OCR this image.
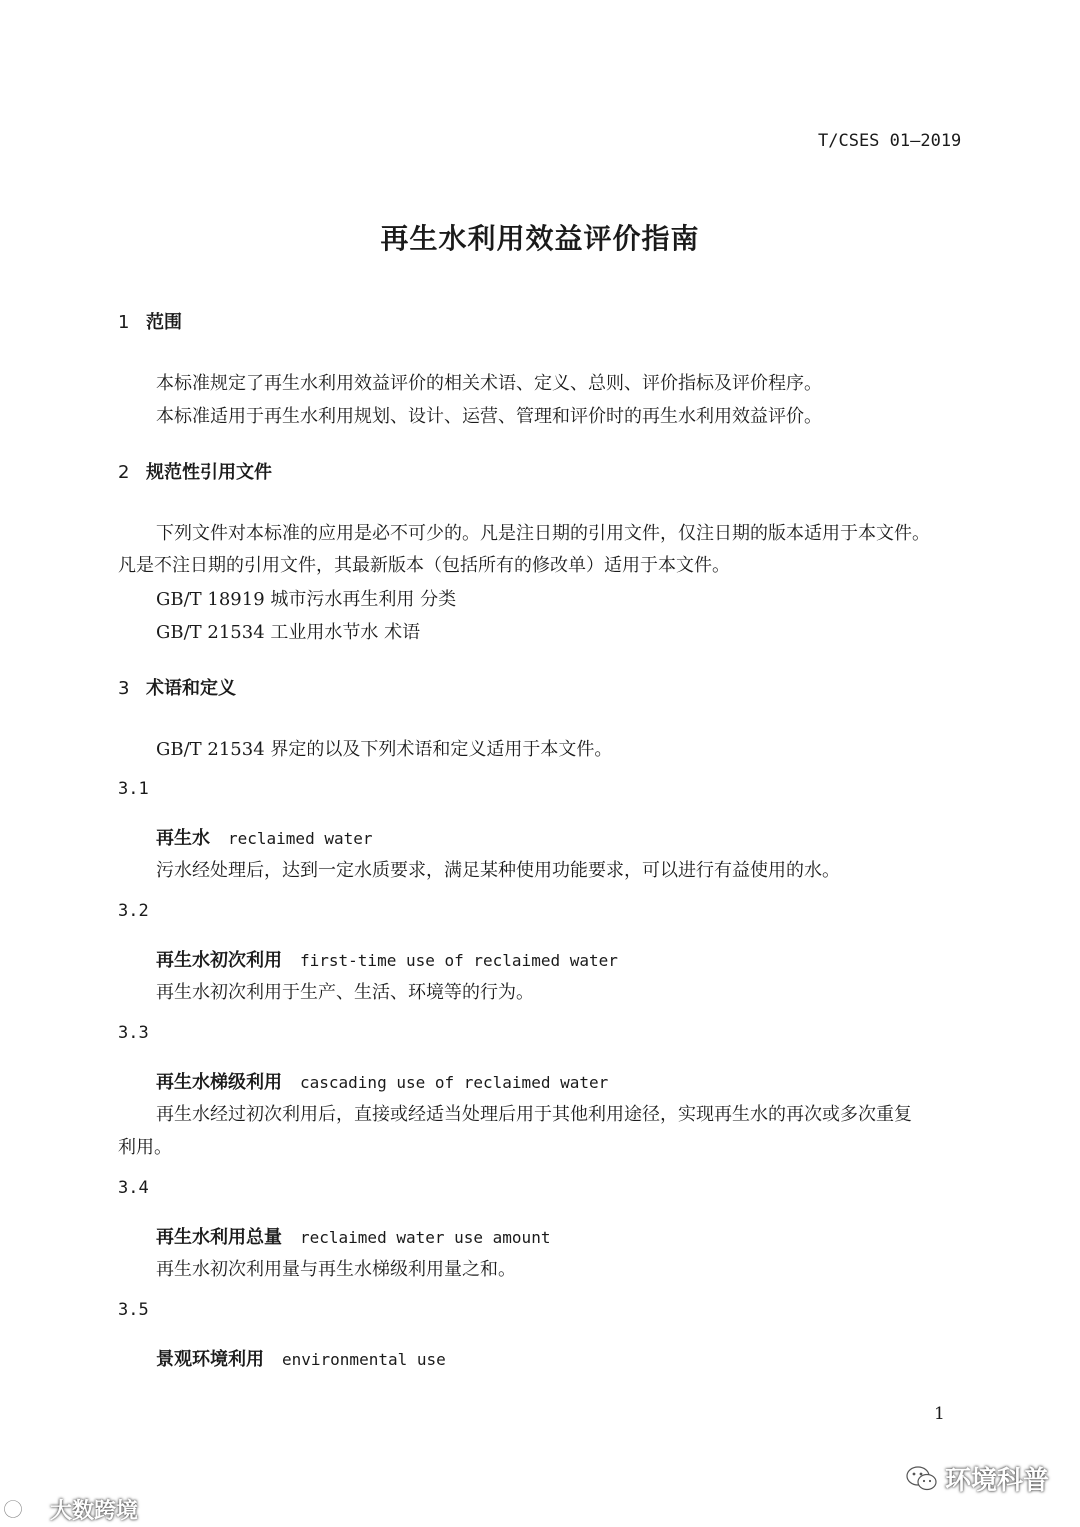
T/CSES 01—2019
再生水利用效益评价指南
1 范围
本标准规定了再生水利用效益评价的相关术语、定义、总则、评价指标及评价程序。
本标准适用于再生水利用规划、设计、运营、管理和评价时的再生水利用效益评价。
2 规范性引用文件
下列文件对本标准的应用是必不可少的。凡是注日期的引用文件，仅注日期的版本适用于本文件。
凡是不注日期的引用文件，其最新版本（包括所有的修改单）适用于本文件。
GB/T 18919 城市污水再生利用 分类
GB/T 21534 工业用水节水 术语
3 术语和定义
GB/T 21534 界定的以及下列术语和定义适用于本文件。
3.1
再生水 reclaimed water
污水经处理后，达到一定水质要求，满足某种使用功能要求，可以进行有益使用的水。
3.2
再生水初次利用 first-time use of reclaimed water
再生水初次利用于生产、生活、环境等的行为。
3.3
再生水梯级利用 cascading use of reclaimed water
再生水经过初次利用后，直接或经适当处理后用于其他利用途径，实现再生水的再次或多次重复
利用。
3.4
再生水利用总量 reclaimed water use amount
再生水初次利用量与再生水梯级利用量之和。
3.5
景观环境利用 environmental use
1
大数跨境
环境科普
